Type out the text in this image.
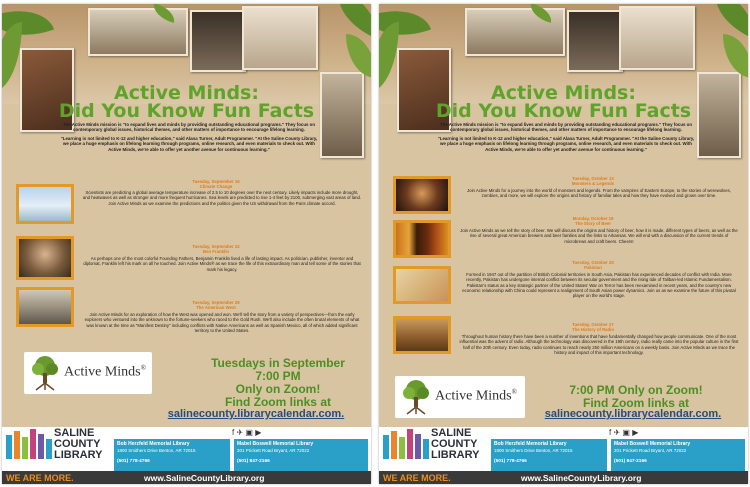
Active Minds:
Did You Know Fun Facts

The Active Minds mission is "to expand lives and minds by providing outstanding educational programs." They focus on contemporary global issues, historical themes, and other matters of importance to encourage lifelong learning.

"Learning is not limited to K-12 and higher education," said Alana Turner, Adult Programmer. "At the Saline County Library, we place a huge emphasis on lifelong learning through programs, online research, and even materials to check out. With Active Minds, we're able to offer yet another avenue for continuous learning."

Tuesday, September 15
Climate Change
Scientists are predicting a global average temperature increase of 2.5 to 10 degrees over the next century. Likely impacts include more drought, and heatwaves as well as stronger and more frequent hurricanes. Sea levels are predicted to rise 1-4 feet by 2100, submerging vast areas of land. Join Active Minds as we examine the predictions and the politics given the US withdrawal from the Paris climate accord.
Tuesday, September 22
Ben Franklin
As perhaps one of the most colorful Founding Fathers, Benjamin Franklin lived a life of lasting impact. As politician, publisher, inventor and diplomat, Franklin left his mark on all he touched. Join Active Minds® as we trace the life of this extraordinary man and tell some of the stories that mark his legacy.
Tuesday, September 29
The American West
Join Active Minds for an exploration of how the West was opened and won. We'll tell the story from a variety of perspectives—from the early explorers who ventured into the unknown to the fortune-seekers who raced to the Gold Rush. We'll also include the often brutal elements of what was known at the time as "Manifest Destiny" including conflicts with Native Americans as well as Spanish Mexico, all of which added significant territory to the United States.
Active Minds®	Tuesdays in September
7:00 PM
Only on Zoom!
Find Zoom links at
salinecounty.librarycalendar.com.
SALINE
COUNTY
LIBRARY
f ✈ ▣ ▶
Bob Herzfeld Memorial Library
1800 Smithers Drive Benton, AR 72015
(501) 778-4766
Mabel Boswell Memorial Library
201 Prickett Road Bryant, AR 72022
(501) 847-2166
WE ARE MORE.	www.SalineCountyLibrary.org
Active Minds:
Did You Know Fun Facts

The Active Minds mission is "to expand lives and minds by providing outstanding educational programs." They focus on contemporary global issues, historical themes, and other matters of importance to encourage lifelong learning.

"Learning is not limited to K-12 and higher education," said Alana Turner, Adult Programmer. "At the Saline County Library, we place a huge emphasis on lifelong learning through programs, online research, and even materials to check out. With Active Minds, we're able to offer yet another avenue for continuous learning."

Tuesday, October 13
Monsters & Legends
Join Active Minds for a journey into the world of monsters and legends. From the vampires of Eastern Europe, to the stories of werewolves, zombies, and more, we will explore the origins and history of familiar tales and how they have evolved and grown over time.
Monday, October 19
The Story of Beer
Join Active Minds as we tell the story of beer. We will discuss the origins and history of beer, how it is made, different types of beers, as well as the rise of several great American brewers and beer families and the links to Arkansas. We will end with a discussion of the current trends of microbrews and craft beers. Cheers!
Tuesday, October 20
Pakistan
Formed in 1947 out of the partition of British Colonial territories in South Asia, Pakistan has experienced decades of conflict with India. More recently, Pakistan has undergone internal conflict between its secular government and the rising tide of Taliban-led Islamic Fundamentalism. Pakistan's status as a key strategic partner of the United States' War on Terror has been reexamined in recent years, and the country's new economic relationship with China could represent a realignment of South Asian power dynamics. Join us as we examine the future of this pivotal player on the world's stage.
Tuesday, October 27
The History of Radio
Throughout human history there have been a number of inventions that have fundamentally changed how people communicate. One of the most influential was the advent of radio. Although the technology was discovered in the 19th century, radio really came into the popular culture in the first half of the 20th century. Even today, radio continues to reach nearly 250 million Americans on a weekly basis. Join Active Minds as we trace the history and impact of this important technology.
Active Minds®	7:00 PM Only on Zoom!
Find Zoom links at
salinecounty.librarycalendar.com.
SALINE
COUNTY
LIBRARY
f ✈ ▣ ▶
Bob Herzfeld Memorial Library
1800 Smithers Drive Benton, AR 72015
(501) 778-4766
Mabel Boswell Memorial Library
201 Prickett Road Bryant, AR 72022
(501) 847-2166
WE ARE MORE.	www.SalineCountyLibrary.org
